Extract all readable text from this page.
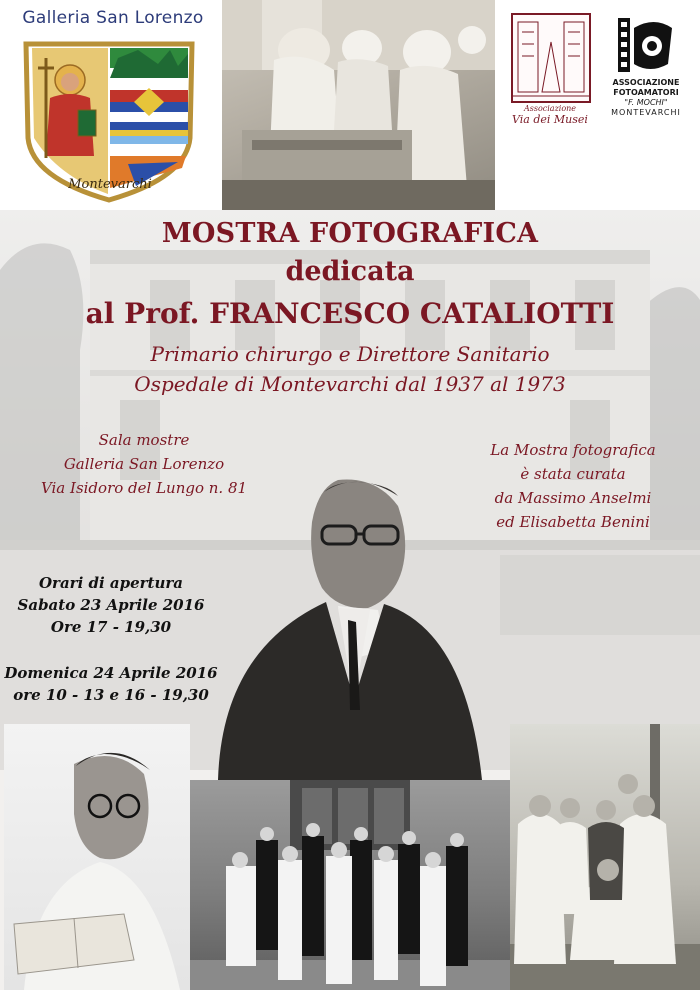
Galleria San Lorenzo
Montevarchi
Associazione
Via dei Musei
ASSOCIAZIONE
FOTOAMATORI
"F. MOCHI"
MONTEVARCHI
MOSTRA FOTOGRAFICA
dedicata
al Prof. FRANCESCO CATALIOTTI
Primario chirurgo e Direttore Sanitario
Ospedale di Montevarchi dal 1937 al 1973
Sala mostre
Galleria San Lorenzo
Via Isidoro del Lungo n. 81
La Mostra fotografica
è stata curata
da Massimo Anselmi
ed Elisabetta Benini
Orari di apertura
Sabato 23 Aprile 2016
Ore 17 - 19,30
Domenica 24 Aprile 2016
ore 10 - 13 e 16 - 19,30
